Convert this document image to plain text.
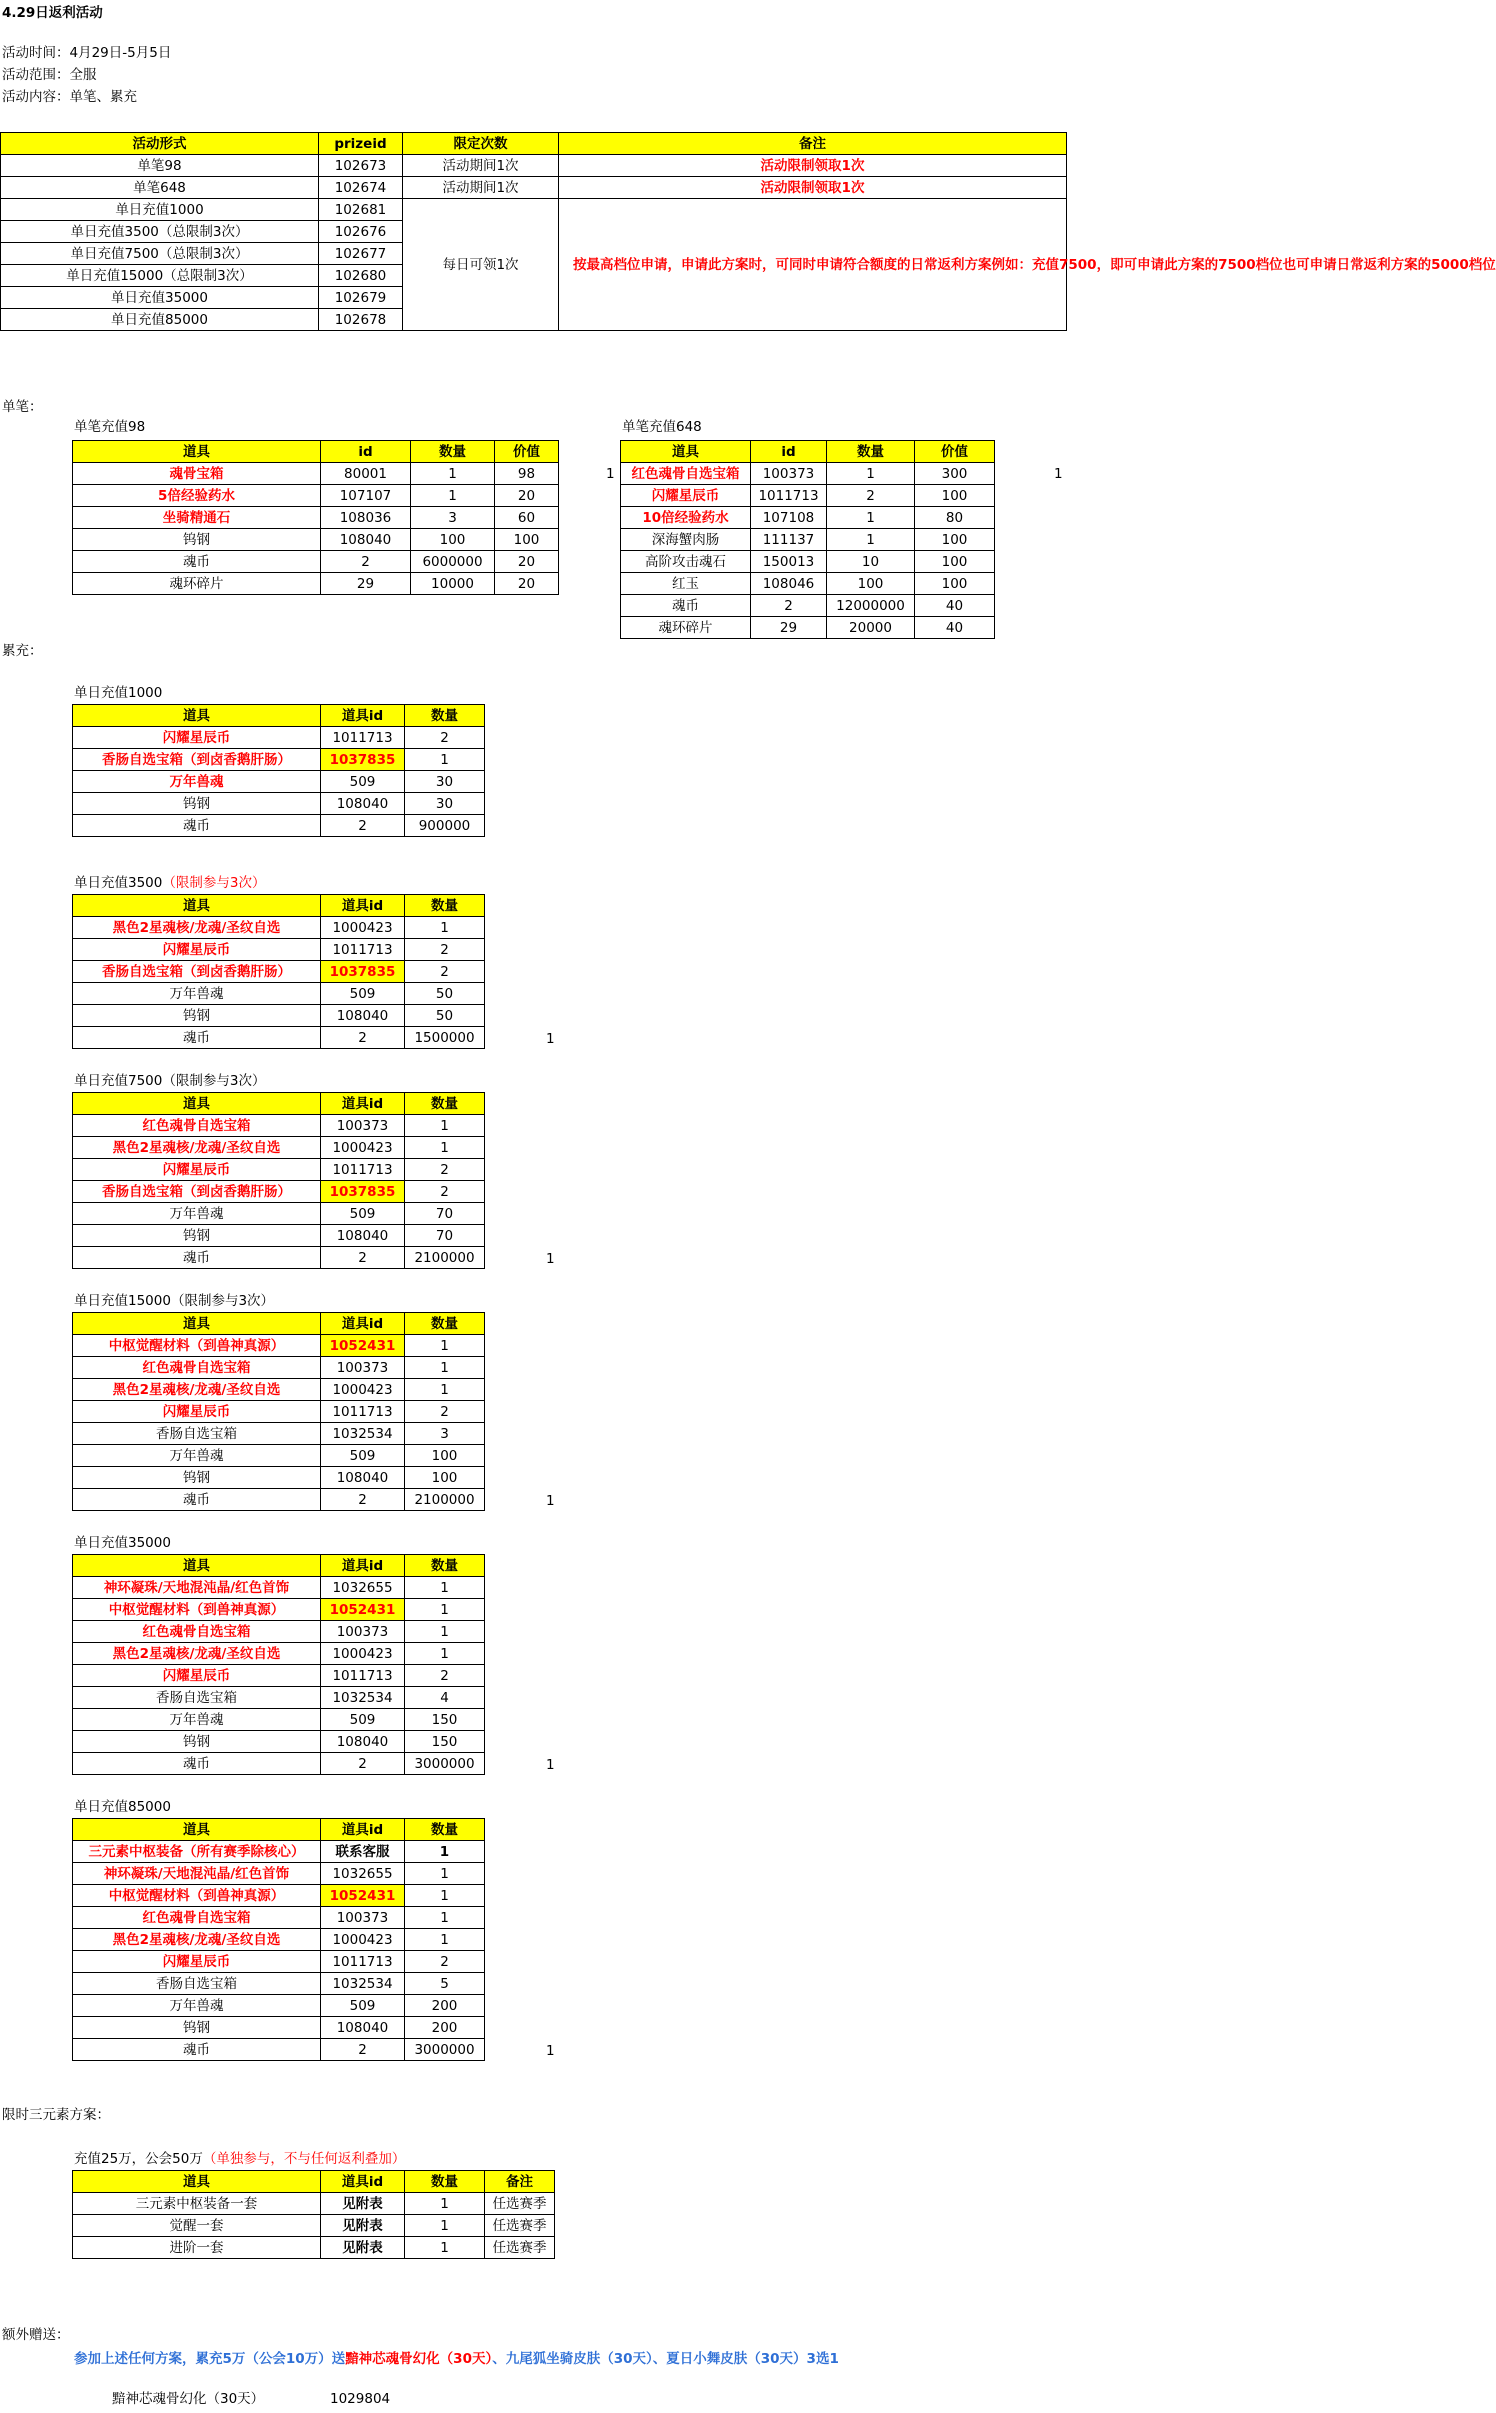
4.29日返利活动
活动时间：4月29日-5月5日
活动范围：全服
活动内容：单笔、累充
活动形式	prizeid	限定次数	备注
单笔98	102673	活动期间1次	活动限制领取1次
单笔648	102674	活动期间1次	活动限制领取1次
单日充值1000	102681	每日可领1次	按最高档位申请，申请此方案时，可同时申请符合额度的日常返利方案例如：充值7500，即可申请此方案的7500档位也可申请日常返利方案的5000档位
单日充值3500（总限制3次）	102676		
单日充值7500（总限制3次）	102677		
单日充值15000（总限制3次）	102680		
单日充值35000	102679		
单日充值85000	102678		
单笔：
单笔充值98
道具	id	数量	价值
魂骨宝箱	80001	1	98
5倍经验药水	107107	1	20
坐骑精通石	108036	3	60
钨钢	108040	100	100
魂币	2	6000000	20
魂环碎片	29	10000	20
1
单笔充值648
道具	id	数量	价值
红色魂骨自选宝箱	100373	1	300
闪耀星辰币	1011713	2	100
10倍经验药水	107108	1	80
深海蟹肉肠	111137	1	100
高阶攻击魂石	150013	10	100
红玉	108046	100	100
魂币	2	12000000	40
魂环碎片	29	20000	40
1
累充：
单日充值1000
道具	道具id	数量
闪耀星辰币	1011713	2
香肠自选宝箱（到卤香鹅肝肠）	1037835	1
万年兽魂	509	30
钨钢	108040	30
魂币	2	900000
单日充值3500（限制参与3次）
道具	道具id	数量
黑色2星魂核/龙魂/圣纹自选	1000423	1
闪耀星辰币	1011713	2
香肠自选宝箱（到卤香鹅肝肠）	1037835	2
万年兽魂	509	50
钨钢	108040	50
魂币	2	1500000	1
单日充值7500（限制参与3次）
道具	道具id	数量
红色魂骨自选宝箱	100373	1
黑色2星魂核/龙魂/圣纹自选	1000423	1
闪耀星辰币	1011713	2
香肠自选宝箱（到卤香鹅肝肠）	1037835	2
万年兽魂	509	70
钨钢	108040	70
魂币	2	2100000	1
单日充值15000（限制参与3次）
道具	道具id	数量
中枢觉醒材料（到兽神真源）	1052431	1
红色魂骨自选宝箱	100373	1
黑色2星魂核/龙魂/圣纹自选	1000423	1
闪耀星辰币	1011713	2
香肠自选宝箱	1032534	3
万年兽魂	509	100
钨钢	108040	100
魂币	2	2100000	1
单日充值35000
道具	道具id	数量
神环凝珠/天地混沌晶/红色首饰	1032655	1
中枢觉醒材料（到兽神真源）	1052431	1
红色魂骨自选宝箱	100373	1
黑色2星魂核/龙魂/圣纹自选	1000423	1
闪耀星辰币	1011713	2
香肠自选宝箱	1032534	4
万年兽魂	509	150
钨钢	108040	150
魂币	2	3000000	1
单日充值85000
道具	道具id	数量
三元素中枢装备（所有赛季除核心）	联系客服	1
神环凝珠/天地混沌晶/红色首饰	1032655	1
中枢觉醒材料（到兽神真源）	1052431	1
红色魂骨自选宝箱	100373	1
黑色2星魂核/龙魂/圣纹自选	1000423	1
闪耀星辰币	1011713	2
香肠自选宝箱	1032534	5
万年兽魂	509	200
钨钢	108040	200
魂币	2	3000000	1
限时三元素方案：
充值25万，公会50万（单独参与，不与任何返利叠加）
道具	道具id	数量	备注
三元素中枢装备一套	见附表	1	任选赛季
觉醒一套	见附表	1	任选赛季
进阶一套	见附表	1	任选赛季
额外赠送：
参加上述任何方案，累充5万（公会10万）送黯神芯魂骨幻化（30天）、九尾狐坐骑皮肤（30天）、夏日小舞皮肤（30天）3选1
黯神芯魂骨幻化（30天）	1029804
